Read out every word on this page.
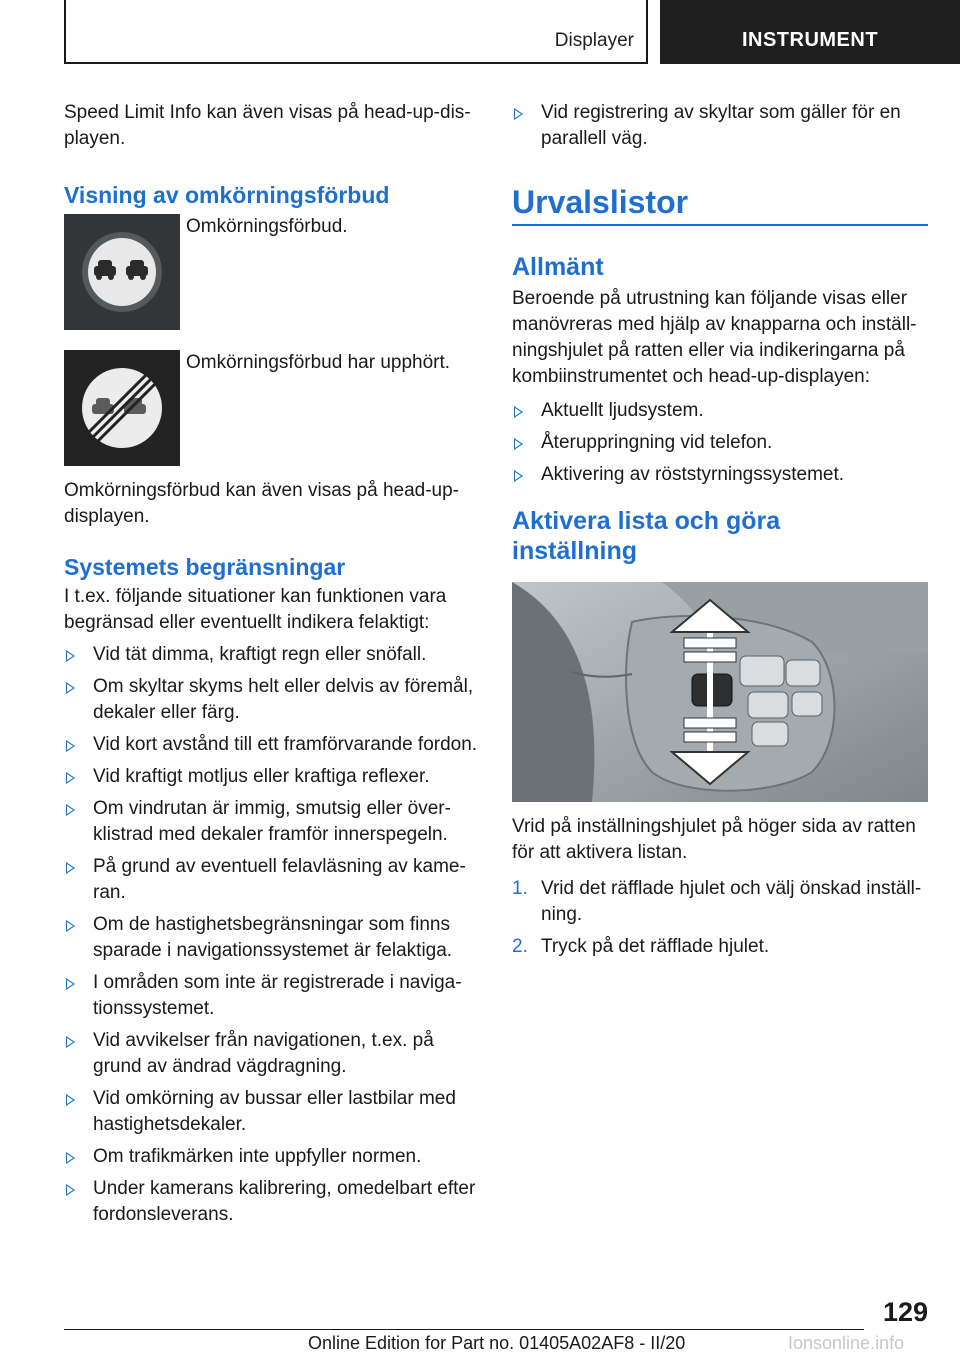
Displayer	INSTRUMENT

Speed Limit Info kan även visas på head-up-displayen.

Visning av omkörningsförbud

Omkörningsförbud.

Omkörningsförbud har upphört.

Omkörningsförbud kan även visas på head-up-displayen.

Systemets begränsningar

I t.ex. följande situationer kan funktionen vara begränsad eller eventuellt indikera felaktigt:

Vid tät dimma, kraftigt regn eller snöfall.
Om skyltar skyms helt eller delvis av föremål, dekaler eller färg.
Vid kort avstånd till ett framförvarande fordon.
Vid kraftigt motljus eller kraftiga reflexer.
Om vindrutan är immig, smutsig eller överklistrad med dekaler framför innerspegeln.
På grund av eventuell felavläsning av kameran.
Om de hastighetsbegränsningar som finns sparade i navigationssystemet är felaktiga.
I områden som inte är registrerade i navigationssystemet.
Vid avvikelser från navigationen, t.ex. på grund av ändrad vägdragning.
Vid omkörning av bussar eller lastbilar med hastighetsdekaler.
Om trafikmärken inte uppfyller normen.
Under kamerans kalibrering, omedelbart efter fordonsleverans.
Vid registrering av skyltar som gäller för en parallell väg.
Urvalslistor
Allmänt

Beroende på utrustning kan följande visas eller manövreras med hjälp av knapparna och inställningshjulet på ratten eller via indikeringarna på kombiinstrumentet och head-up-displayen:

Aktuellt ljudsystem.
Återuppringning vid telefon.
Aktivering av röststyrningssystemet.
Aktivera lista och göra
inställning

Vrid på inställningshjulet på höger sida av ratten för att aktivera listan.

1. Vrid det räfflade hjulet och välj önskad inställning.
2. Tryck på det räfflade hjulet.
129
Online Edition for Part no. 01405A02AF8 - II/20	Ionsonline.info
